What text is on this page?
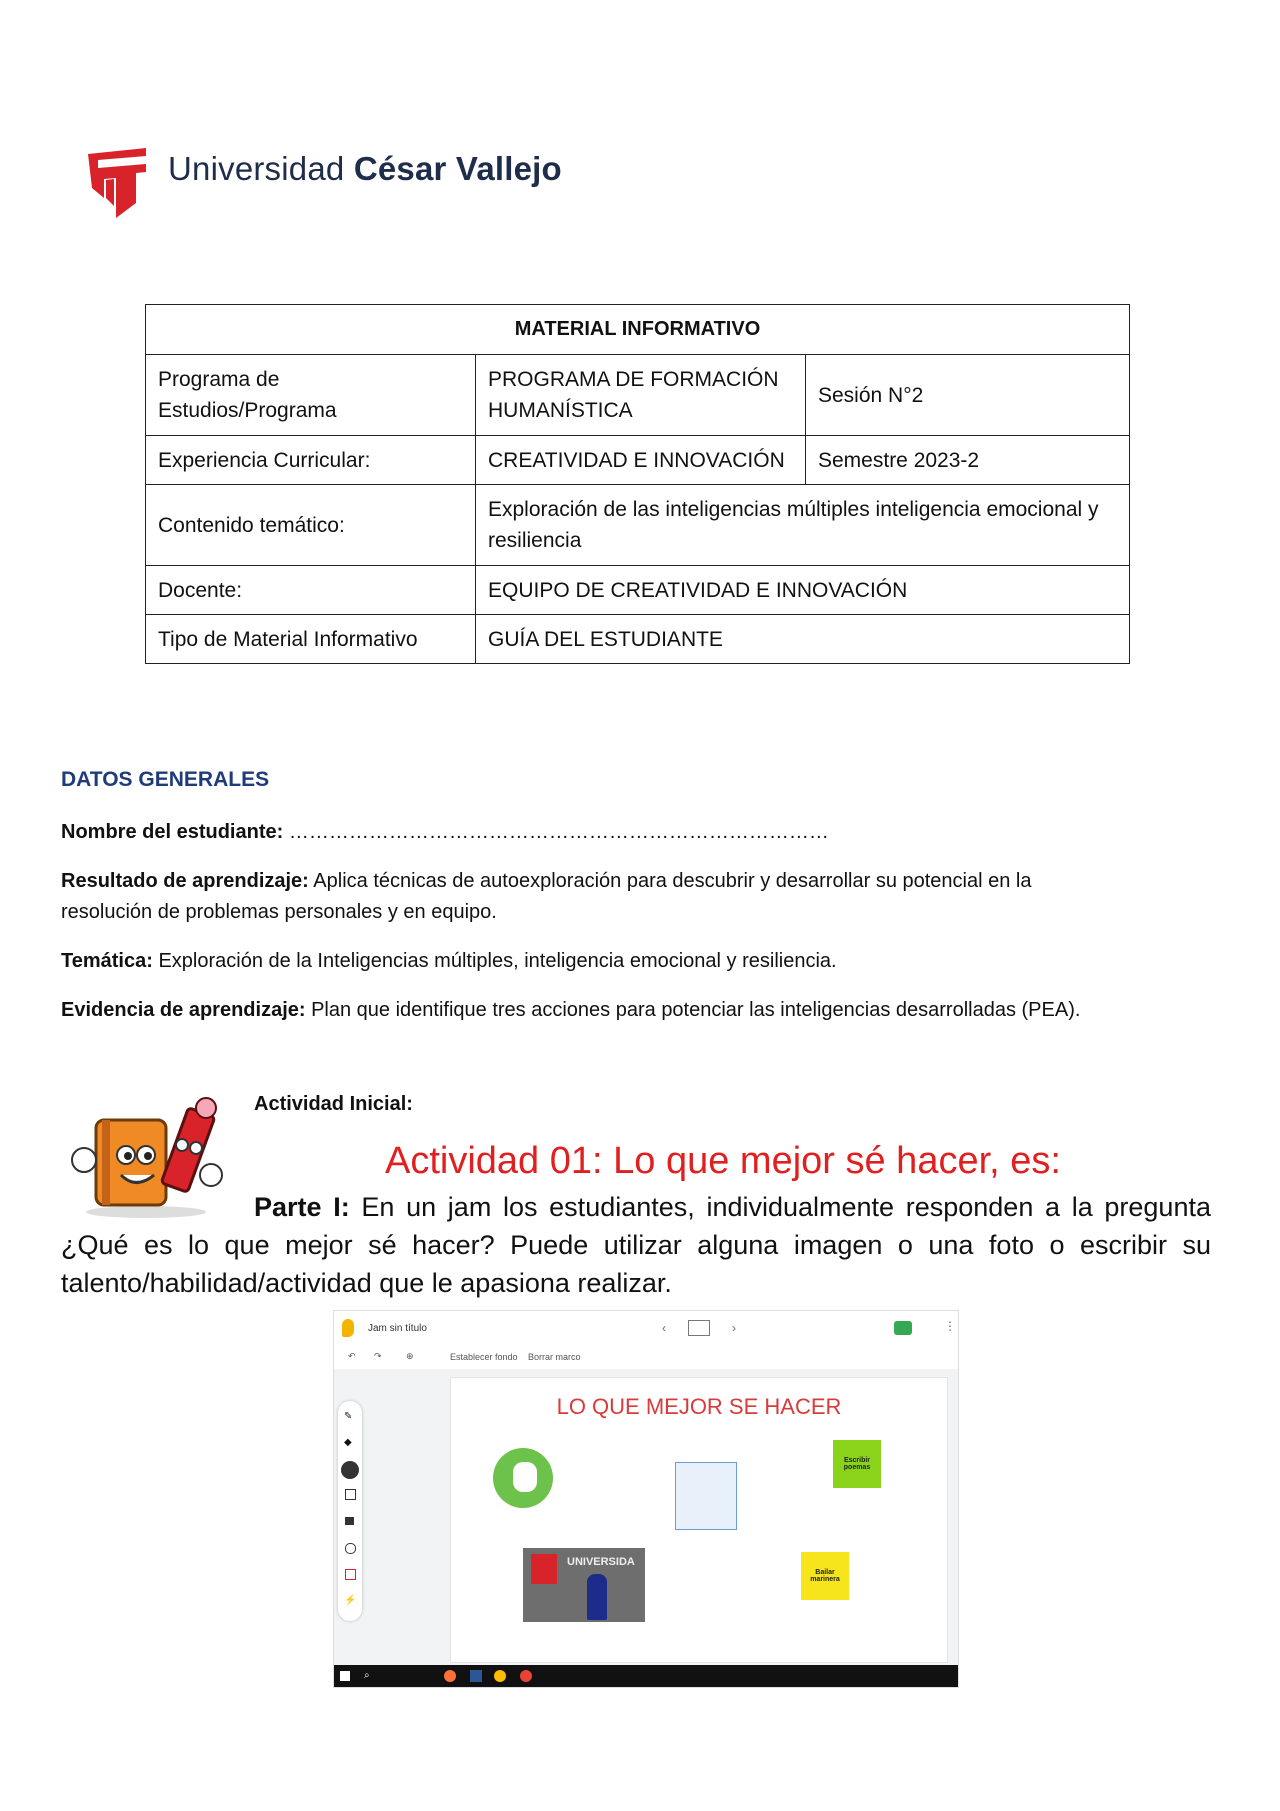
Universidad César Vallejo
MATERIAL INFORMATIVO		
Programa de Estudios/Programa	PROGRAMA DE FORMACIÓN HUMANÍSTICA	Sesión N°2
Experiencia Curricular:	CREATIVIDAD E INNOVACIÓN	Semestre 2023-2
Contenido temático:	Exploración de las inteligencias múltiples inteligencia emocional y resiliencia	
Docente:	EQUIPO DE CREATIVIDAD E INNOVACIÓN	
Tipo de Material Informativo	GUÍA DEL ESTUDIANTE	
DATOS GENERALES
Nombre del estudiante: ………………………………………………………………………
Resultado de aprendizaje: Aplica técnicas de autoexploración para descubrir y desarrollar su potencial en la resolución de problemas personales y en equipo.
Temática: Exploración de la Inteligencias múltiples, inteligencia emocional y resiliencia.
Evidencia de aprendizaje: Plan que identifique tres acciones para potenciar las inteligencias desarrolladas (PEA).
Actividad Inicial:
Actividad 01: Lo que mejor sé hacer, es:
Parte I: En un jam los estudiantes, individualmente responden a la pregunta ¿Qué es lo que mejor sé hacer? Puede utilizar alguna imagen o una foto o escribir su talento/habilidad/actividad que le apasiona realizar.
Jam sin título	‹	›	⋮
↶ ↷	⊕	Establecer fondo Borrar marco
✎
◆
⚡
LO QUE MEJOR SE HACER
Escribir poemas
UNIVERSIDA
Bailar marinera
⌕
